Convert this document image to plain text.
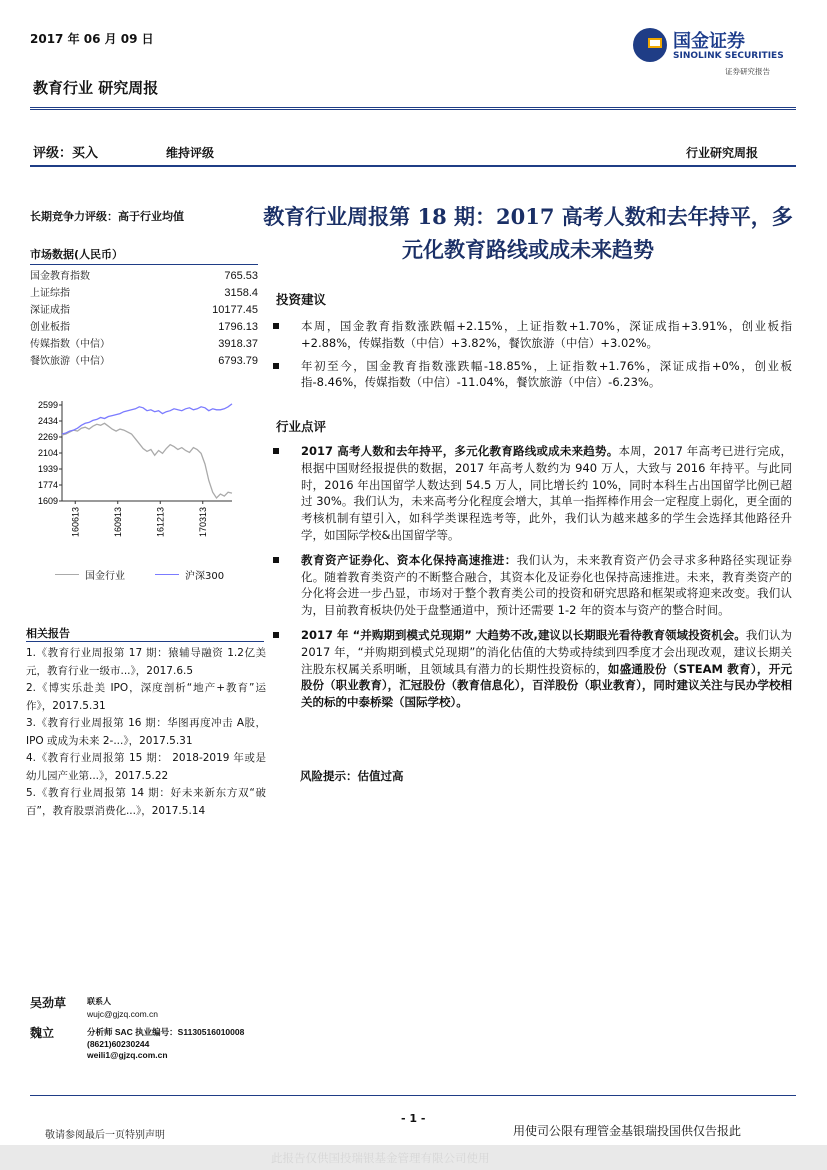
2017 年 06 月 09 日
教育行业 研究周报
国金证券
SINOLINK SECURITIES
证券研究报告
评级：买入	维持评级	行业研究周报
长期竞争力评级：高于行业均值
市场数据(人民币）
国金教育指数	765.53
上证综指	3158.4
深证成指	10177.45
创业板指	1796.13
传媒指数（中信）	3918.37
餐饮旅游（中信）	6793.79
2599
2434
2269
2104
1939
1774
1609
160613	160913	161213	170313
国金行业	沪深300
相关报告
1.《教育行业周报第 17 期：猿辅导融资 1.2亿美元，教育行业一级市...》，2017.6.5
2.《博实乐赴美 IPO，深度剖析“地产+教育”运作》，2017.5.31
3.《教育行业周报第 16 期：华图再度冲击 A股，IPO 或成为未来 2-...》，2017.5.31
4.《教育行业周报第 15 期： 2018-2019 年或是幼儿园产业第...》，2017.5.22
5.《教育行业周报第 14 期：好未来新东方双“破百”，教育股票消费化...》，2017.5.14
吴劲草	联系人
wujc@gjzq.com.cn
魏立	分析师 SAC 执业编号：S1130516010008
(8621)60230244
weili1@gjzq.com.cn
教育行业周报第 18 期：2017 高考人数和去年持平，多元化教育路线或成未来趋势
投资建议
本周，国金教育指数涨跌幅+2.15%，上证指数+1.70%，深证成指+3.91%，创业板指+2.88%，传媒指数（中信）+3.82%，餐饮旅游（中信）+3.02%。
年初至今，国金教育指数涨跌幅-18.85%，上证指数+1.76%，深证成指+0%，创业板指-8.46%，传媒指数（中信）-11.04%，餐饮旅游（中信）-6.23%。
行业点评
2017 高考人数和去年持平，多元化教育路线或成未来趋势。本周，2017 年高考已进行完成，根据中国财经报提供的数据，2017 年高考人数约为 940 万人，大致与 2016 年持平。与此同时，2016 年出国留学人数达到 54.5 万人，同比增长约 10%，同时本科生占出国留学比例已超过 30%。我们认为，未来高考分化程度会增大，其单一指挥棒作用会一定程度上弱化，更全面的考核机制有望引入，如科学类课程选考等，此外，我们认为越来越多的学生会选择其他路径升学，如国际学校&出国留学等。
教育资产证券化、资本化保持高速推进：我们认为，未来教育资产仍会寻求多种路径实现证券化。随着教育类资产的不断整合融合，其资本化及证券化也保持高速推进。未来，教育类资产的分化将会进一步凸显，市场对于整个教育类公司的投资和研究思路和框架或将迎来改变。我们认为，目前教育板块仍处于盘整通道中，预计还需要 1-2 年的资本与资产的整合时间。
2017 年 “并购期到模式兑现期” 大趋势不改,建议以长期眼光看待教育领域投资机会。我们认为 2017 年，“并购期到模式兑现期”的消化估值的大势或持续到四季度才会出现改观，建议长期关注股东权属关系明晰，且领域具有潜力的长期性投资标的，如盛通股份（STEAM 教育），开元股份（职业教育），汇冠股份（教育信息化），百洋股份（职业教育），同时建议关注与民办学校相关的标的中泰桥梁（国际学校）。
风险提示：估值过高
- 1 -
敬请参阅最后一页特别声明	用使司公限有理管金基银瑞投国供仅告报此
此报告仅供国投瑞银基金管理有限公司使用
